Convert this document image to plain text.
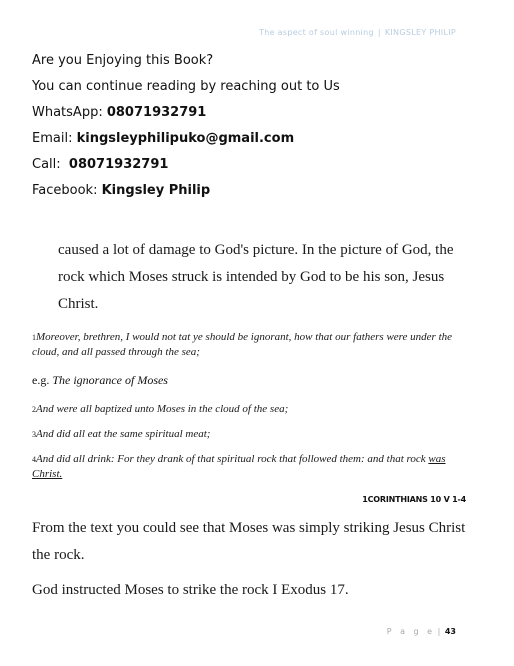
The aspect of soul winning | KINGSLEY PHILIP
Are you Enjoying this Book?
You can continue reading by reaching out to Us
WhatsApp: 08071932791
Email: kingsleyphilipuko@gmail.com
Call:  08071932791
Facebook: Kingsley Philip
caused a lot of damage to God's picture. In the picture of God, the rock which Moses struck is intended by God to be his son, Jesus Christ.
1Moreover, brethren, I would not tat ye should be ignorant, how that our fathers were under the cloud, and all passed through the sea;
e.g. The ignorance of Moses
2And were all baptized unto Moses in the cloud of the sea;
3And did all eat the same spiritual meat;
4And did all drink: For they drank of that spiritual rock that followed them: and that rock was Christ.
1CORINTHIANS 10 V 1-4
From the text you could see that Moses was simply striking Jesus Christ the rock.
God instructed Moses to strike the rock I Exodus 17.
P a g e | 43
